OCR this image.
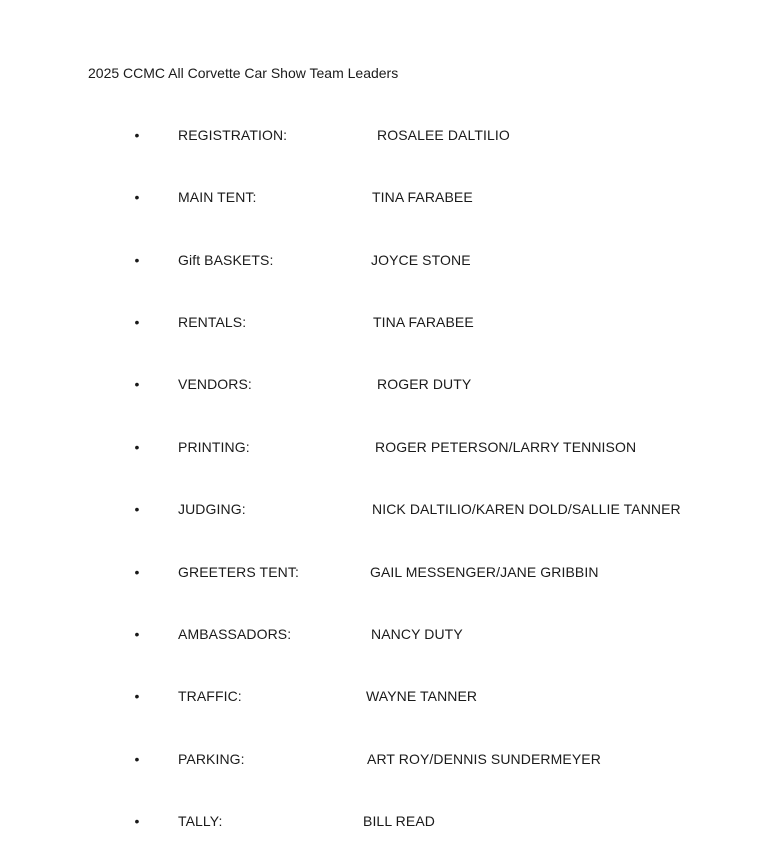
2025 CCMC All Corvette Car Show Team Leaders
•	REGISTRATION:	ROSALEE DALTILIO
•	MAIN TENT:	TINA FARABEE
•	Gift BASKETS:	JOYCE STONE
•	RENTALS:	TINA FARABEE
•	VENDORS:	ROGER DUTY
•	PRINTING:	ROGER PETERSON/LARRY TENNISON
•	JUDGING:	NICK DALTILIO/KAREN DOLD/SALLIE TANNER
•	GREETERS TENT:	GAIL MESSENGER/JANE GRIBBIN
•	AMBASSADORS:	NANCY DUTY
•	TRAFFIC:	WAYNE TANNER
•	PARKING:	ART ROY/DENNIS SUNDERMEYER
•	TALLY:	BILL READ
